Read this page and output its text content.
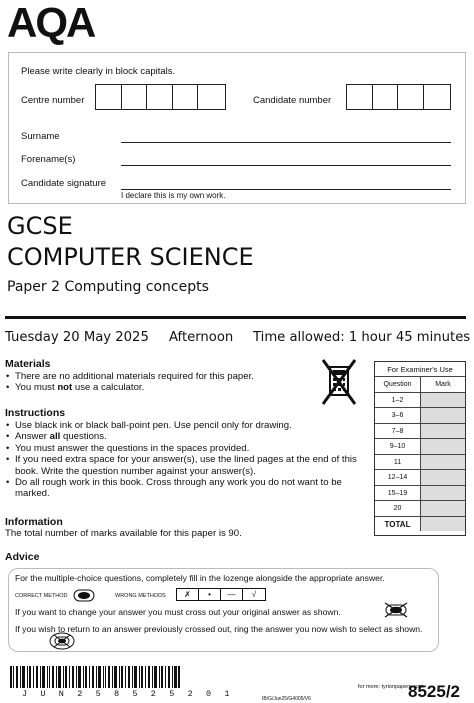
AQA
Please write clearly in block capitals.
Centre number	Candidate number
Surname
Forename(s)
Candidate signature
I declare this is my own work.
GCSE
COMPUTER SCIENCE
Paper 2 Computing concepts
Tuesday 20 May 2025 Afternoon Time allowed: 1 hour 45 minutes
Materials
• There are no additional materials required for this paper.
• You must not use a calculator.
Instructions
• Use black ink or black ball-point pen. Use pencil only for drawing.
• Answer all questions.
• You must answer the questions in the spaces provided.
• If you need extra space for your answer(s), use the lined pages at the end of this book. Write the question number against your answer(s).
• Do all rough work in this book. Cross through any work you do not want to be marked.
Information
The total number of marks available for this paper is 90.
For Examiner's Use
Question	Mark
1–2
3–6
7–8
9–10
11
12–14
15–19
20
TOTAL
Advice
For the multiple-choice questions, completely fill in the lozenge alongside the appropriate answer.
CORRECT METHOD	WRONG METHODS	✗	•	—	√
If you want to change your answer you must cross out your original answer as shown.
If you wish to return to an answer previously crossed out, ring the answer you now wish to select as shown.
J U N 2 5 8 5 2 5 2 0 1	IB/G/Jun25/G4005/V6
for more: tyrionpapers.com
8525/2
